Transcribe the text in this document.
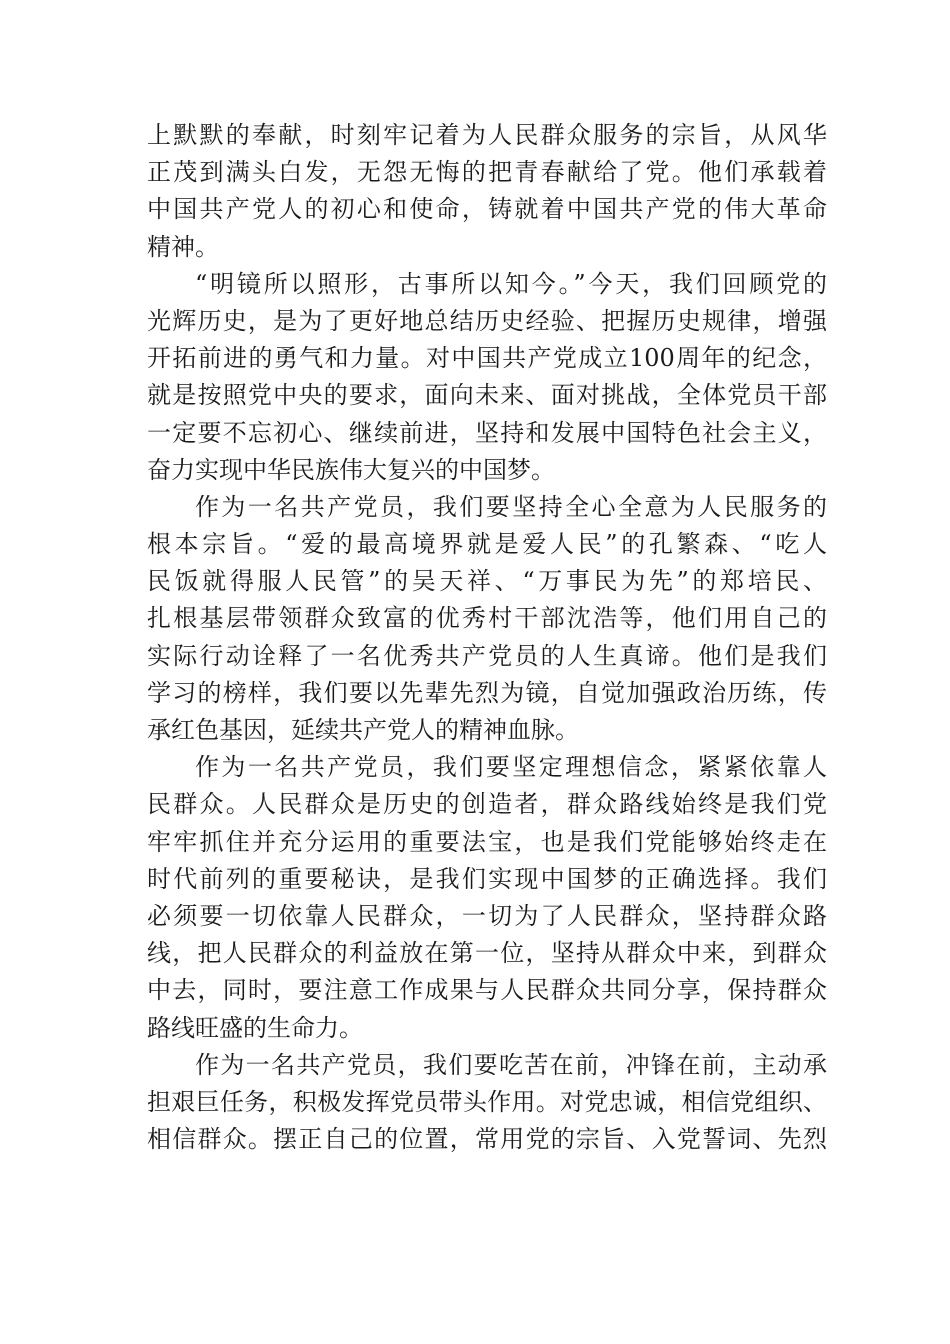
上默默的奉献，时刻牢记着为人民群众服务的宗旨，从风华
正茂到满头白发，无怨无悔的把青春献给了党。他们承载着
中国共产党人的初心和使命，铸就着中国共产党的伟大革命
精神。
“明镜所以照形，古事所以知今。”今天，我们回顾党的
光辉历史，是为了更好地总结历史经验、把握历史规律，增强
开拓前进的勇气和力量。对中国共产党成立100周年的纪念，
就是按照党中央的要求，面向未来、面对挑战，全体党员干部
一定要不忘初心、继续前进，坚持和发展中国特色社会主义，
奋力实现中华民族伟大复兴的中国梦。
作为一名共产党员，我们要坚持全心全意为人民服务的
根本宗旨。“爱的最高境界就是爱人民”的孔繁森、“吃人
民饭就得服人民管”的吴天祥、“万事民为先”的郑培民、
扎根基层带领群众致富的优秀村干部沈浩等，他们用自己的
实际行动诠释了一名优秀共产党员的人生真谛。他们是我们
学习的榜样，我们要以先辈先烈为镜，自觉加强政治历练，传
承红色基因，延续共产党人的精神血脉。
作为一名共产党员，我们要坚定理想信念，紧紧依靠人
民群众。人民群众是历史的创造者，群众路线始终是我们党
牢牢抓住并充分运用的重要法宝，也是我们党能够始终走在
时代前列的重要秘诀，是我们实现中国梦的正确选择。我们
必须要一切依靠人民群众，一切为了人民群众，坚持群众路
线，把人民群众的利益放在第一位，坚持从群众中来，到群众
中去，同时，要注意工作成果与人民群众共同分享，保持群众
路线旺盛的生命力。
作为一名共产党员，我们要吃苦在前，冲锋在前，主动承
担艰巨任务，积极发挥党员带头作用。对党忠诚，相信党组织、
相信群众。摆正自己的位置，常用党的宗旨、入党誓词、先烈
